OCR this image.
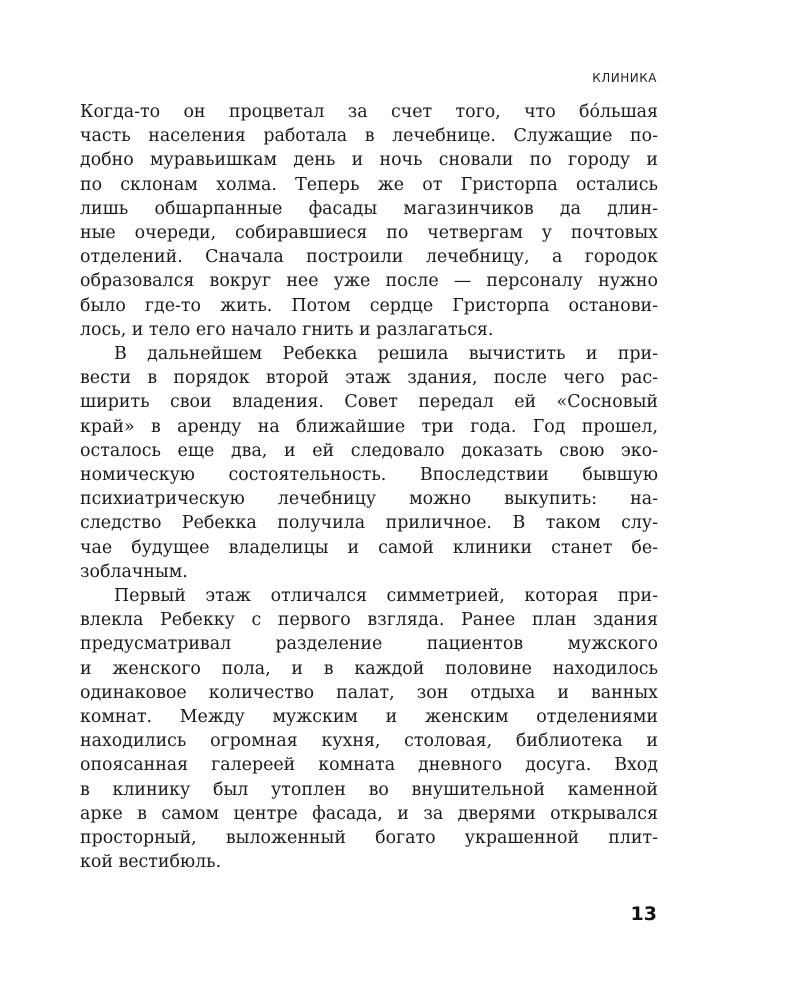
КЛИНИКА

Когда-то он процветал за счет того, что бóльшая
часть населения работала в лечебнице. Служащие по-
добно муравьишкам день и ночь сновали по городу и
по склонам холма. Теперь же от Гристорпа остались
лишь обшарпанные фасады магазинчиков да длин-
ные очереди, собиравшиеся по четвергам у почтовых
отделений. Сначала построили лечебницу, а городок
образовался вокруг нее уже после — персоналу нужно
было где-то жить. Потом сердце Гристорпа останови-
лось, и тело его начало гнить и разлагаться.

В дальнейшем Ребекка решила вычистить и при-
вести в порядок второй этаж здания, после чего рас-
ширить свои владения. Совет передал ей «Сосновый
край» в аренду на ближайшие три года. Год прошел,
осталось еще два, и ей следовало доказать свою эко-
номическую состоятельность. Впоследствии бывшую
психиатрическую лечебницу можно выкупить: на-
следство Ребекка получила приличное. В таком слу-
чае будущее владелицы и самой клиники станет бе-
зоблачным.

Первый этаж отличался симметрией, которая при-
влекла Ребекку с первого взгляда. Ранее план здания
предусматривал разделение пациентов мужского
и женского пола, и в каждой половине находилось
одинаковое количество палат, зон отдыха и ванных
комнат. Между мужским и женским отделениями
находились огромная кухня, столовая, библиотека и
опоясанная галереей комната дневного досуга. Вход
в клинику был утоплен во внушительной каменной
арке в самом центре фасада, и за дверями открывался
просторный, выложенный богато украшенной плит-
кой вестибюль.

13
